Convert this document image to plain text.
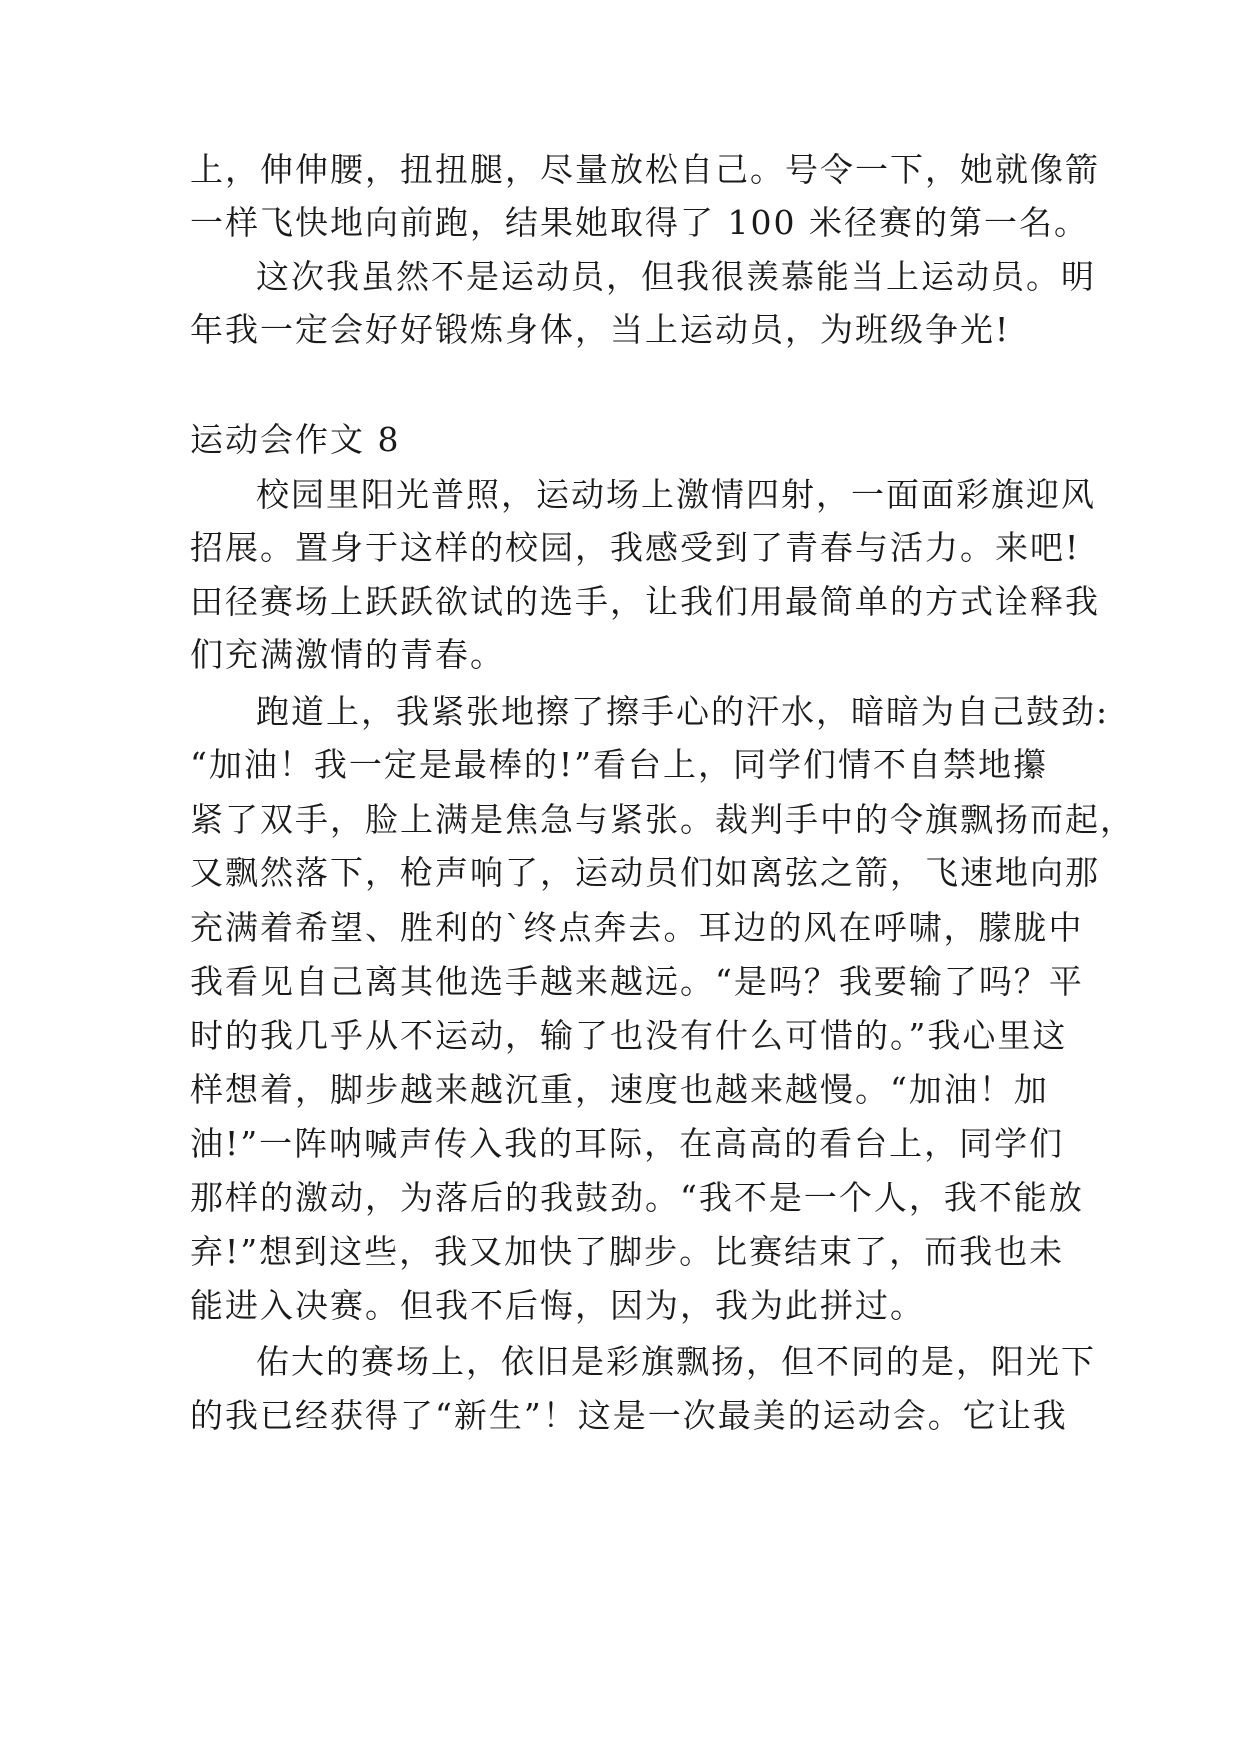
上，伸伸腰，扭扭腿，尽量放松自己。号令一下，她就像箭
一样飞快地向前跑，结果她取得了 100 米径赛的第一名。
这次我虽然不是运动员，但我很羡慕能当上运动员。明
年我一定会好好锻炼身体，当上运动员，为班级争光!
运动会作文 8
校园里阳光普照，运动场上激情四射，一面面彩旗迎风
招展。置身于这样的校园，我感受到了青春与活力。来吧!
田径赛场上跃跃欲试的选手，让我们用最简单的方式诠释我
们充满激情的青春。
跑道上，我紧张地擦了擦手心的汗水，暗暗为自己鼓劲:
“加油！我一定是最棒的!”看台上，同学们情不自禁地攥
紧了双手，脸上满是焦急与紧张。裁判手中的令旗飘扬而起，
又飘然落下，枪声响了，运动员们如离弦之箭，飞速地向那
充满着希望、胜利的`终点奔去。耳边的风在呼啸，朦胧中
我看见自己离其他选手越来越远。“是吗？我要输了吗？平
时的我几乎从不运动，输了也没有什么可惜的。”我心里这
样想着，脚步越来越沉重，速度也越来越慢。“加油！加
油!”一阵呐喊声传入我的耳际，在高高的看台上，同学们
那样的激动，为落后的我鼓劲。“我不是一个人，我不能放
弃!”想到这些，我又加快了脚步。比赛结束了，而我也未
能进入决赛。但我不后悔，因为，我为此拼过。
佑大的赛场上，依旧是彩旗飘扬，但不同的是，阳光下
的我已经获得了“新生”！这是一次最美的运动会。它让我
